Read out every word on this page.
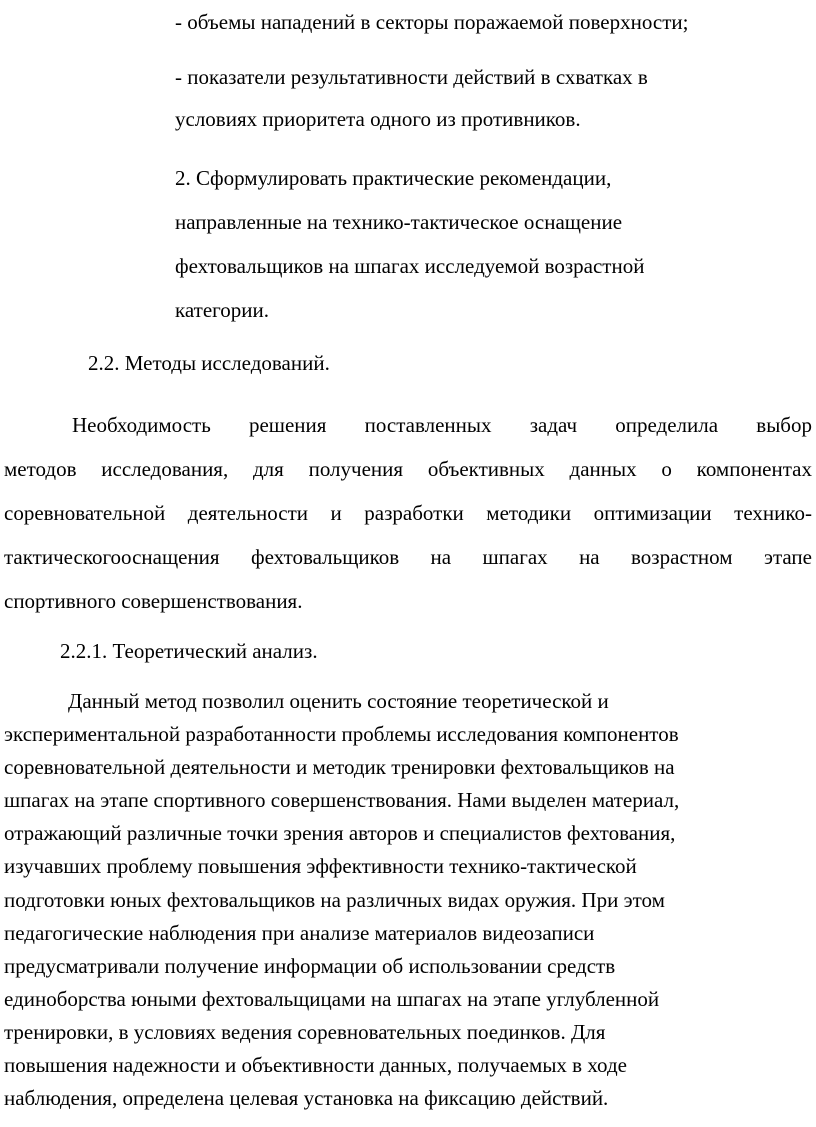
- объемы нападений в секторы поражаемой поверхности;

- показатели результативности действий в схватках в
условиях приоритета одного из противников.

2. Сформулировать практические рекомендации,
направленные на технико-тактическое оснащение
фехтовальщиков на шпагах исследуемой возрастной
категории.

2.2. Методы исследований.

Необходимость решения поставленных задач определила выбор
методов исследования, для получения объективных данных о компонентах
соревновательной деятельности и разработки методики оптимизации технико-
тактическогооснащения фехтовальщиков на шпагах на возрастном этапе
спортивного совершенствования.

2.2.1. Теоретический анализ.

Данный метод позволил оценить состояние теоретической и
экспериментальной разработанности проблемы исследования компонентов
соревновательной деятельности и методик тренировки фехтовальщиков на
шпагах на этапе спортивного совершенствования. Нами выделен материал,
отражающий различные точки зрения авторов и специалистов фехтования,
изучавших проблему повышения эффективности технико-тактической
подготовки юных фехтовальщиков на различных видах оружия. При этом
педагогические наблюдения при анализе материалов видеозаписи
предусматривали получение информации об использовании средств
единоборства юными фехтовальщицами на шпагах на этапе углубленной
тренировки, в условиях ведения соревновательных поединков. Для
повышения надежности и объективности данных, получаемых в ходе
наблюдения, определена целевая установка на фиксацию действий.
